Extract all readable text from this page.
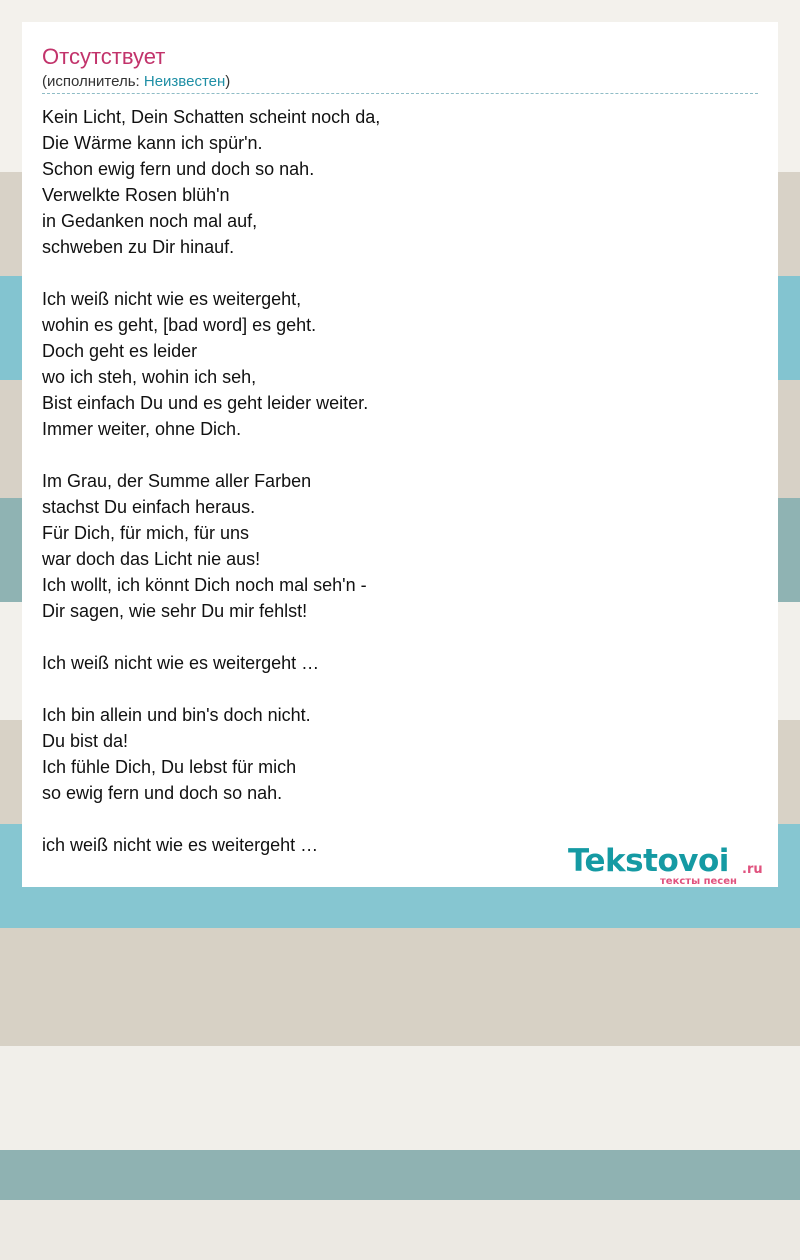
Отсутствует
(исполнитель: Неизвестен)
Kein Licht, Dein Schatten scheint noch da,
Die Wärme kann ich spür'n.
Schon ewig fern und doch so nah.
Verwelkte Rosen blüh'n
in Gedanken noch mal auf,
schweben zu Dir hinauf.
Ich weiß nicht wie es weitergeht,
wohin es geht, [bad word] es geht.
Doch geht es leider
wo ich steh, wohin ich seh,
Bist einfach Du und es geht leider weiter.
Immer weiter, ohne Dich.
Im Grau, der Summe aller Farben
stachst Du einfach heraus.
Für Dich, für mich, für uns
war doch das Licht nie aus!
Ich wollt, ich könnt Dich noch mal seh'n -
Dir sagen, wie sehr Du mir fehlst!
Ich weiß nicht wie es weitergeht …
Ich bin allein und bin's doch nicht.
Du bist da!
Ich fühle Dich, Du lebst für mich
so ewig fern und doch so nah.
ich weiß nicht wie es weitergeht …	Tekstovoi .ru
тексты песен
